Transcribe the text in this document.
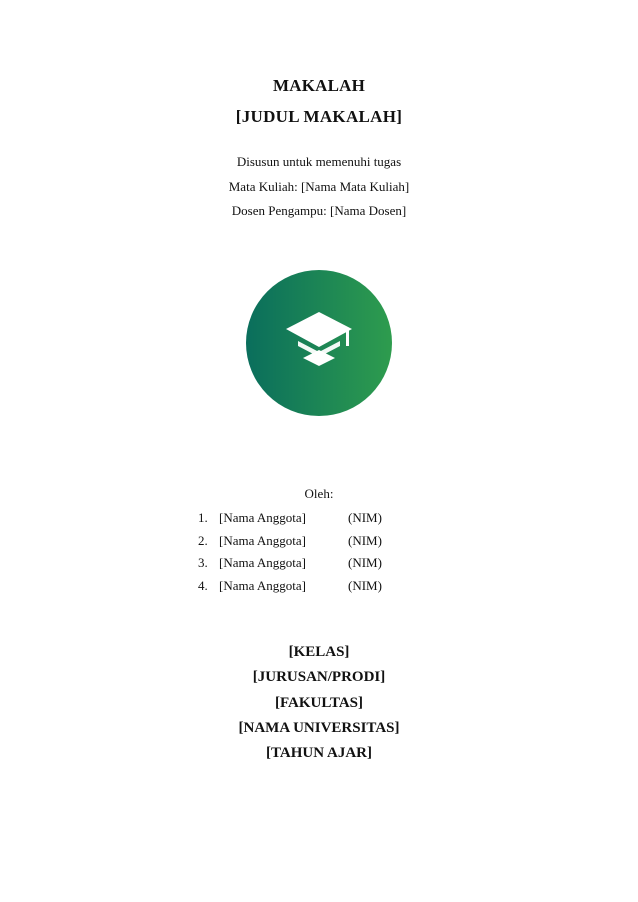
MAKALAH
[JUDUL MAKALAH]
Disusun untuk memenuhi tugas
Mata Kuliah: [Nama Mata Kuliah]
Dosen Pengampu: [Nama Dosen]
Oleh:
1. [Nama Anggota]	(NIM)
2. [Nama Anggota]	(NIM)
3. [Nama Anggota]	(NIM)
4. [Nama Anggota]	(NIM)
[KELAS]
[JURUSAN/PRODI]
[FAKULTAS]
[NAMA UNIVERSITAS]
[TAHUN AJAR]
